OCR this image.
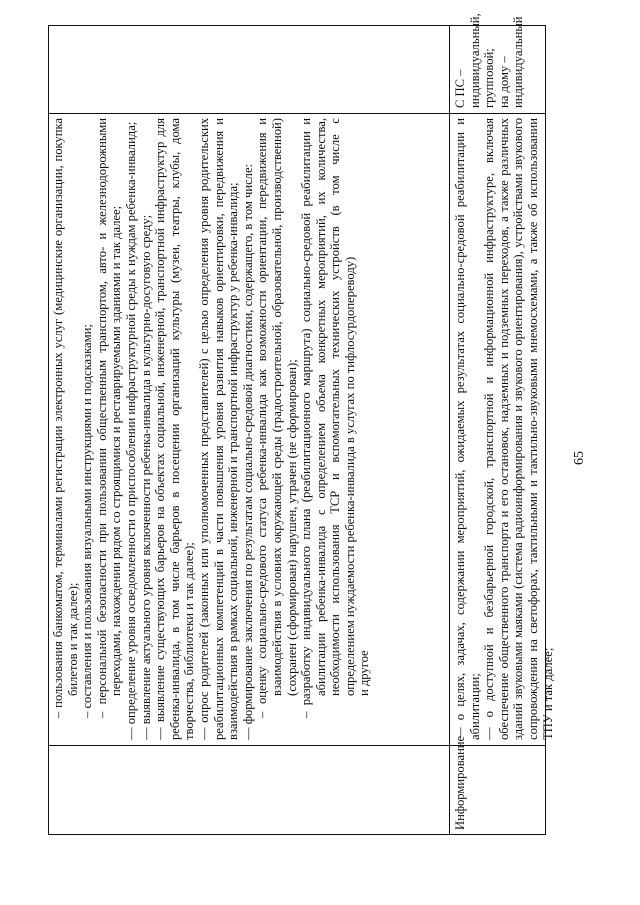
65

– пользования банкоматом, терминалами регистрации электронных услуг (медицинские организации, покупка билетов и так далее); – составления и пользования визуальными инструкциями и подсказками; – персональной безопасности при пользовании общественным транспортом, авто- и железнодорожными переходами, нахождении рядом со строящимися и реставрируемыми зданиями и так далее; — определение уровня осведомленности о приспособлении инфраструктурной среды к нуждам ребенка-инвалида; — выявление актуального уровня включенности ребенка-инвалида в культурно-досуговую среду; — выявление существующих барьеров на объектах социальной, инженерной, транспортной инфраструктур для ребенка-инвалида, в том числе барьеров в посещении организаций культуры (музеи, театры, клубы, дома творчества, библиотеки и так далее); — опрос родителей (законных или уполномоченных представителей) с целью определения уровня родительских реабилитационных компетенций в части повышения уровня развития навыков ориентировки, передвижения и взаимодействия в рамках социальной, инженерной и транспортной инфраструктур у ребенка-инвалида; — формирование заключения по результатам социально-средовой диагностики, содержащего, в том числе: – оценку социально-средового статуса ребенка-инвалида как возможности ориентации, передвижения и взаимодействия в условиях окружающей среды (градостроительной, образовательной, производственной) (сохранен (сформирован) нарушен, утрачен (не сформирован); – разработку индивидуального плана (реабилитационного маршрута) социально-средовой реабилитации и абилитации ребенка-инвалида с определением объема конкретных мероприятий, их количества, необходимости использования ТСР и вспомогательных технических устройств (в том числе с определением нуждаемости ребенка-инвалида в услугах по тифлосурдопереводу) и другое

Информирование

— о целях, задачах, содержании мероприятий, ожидаемых результатах социально-средовой реабилитации и абилитации; — о доступной и безбарьерной городской, транспортной и информационной инфраструктуре, включая обеспечение общественного транспорта и его остановок, надземных и подземных переходов, а также различных зданий звуковыми маяками (система радиоинформирования и звукового ориентирования), устройствами звукового сопровождения на светофорах, тактильными и тактильно-звуковыми мнемосхемами, а также об использовании ТПУ и так далее;

С ПС – индивидуальный, групповой; на дому – индивидуальный
